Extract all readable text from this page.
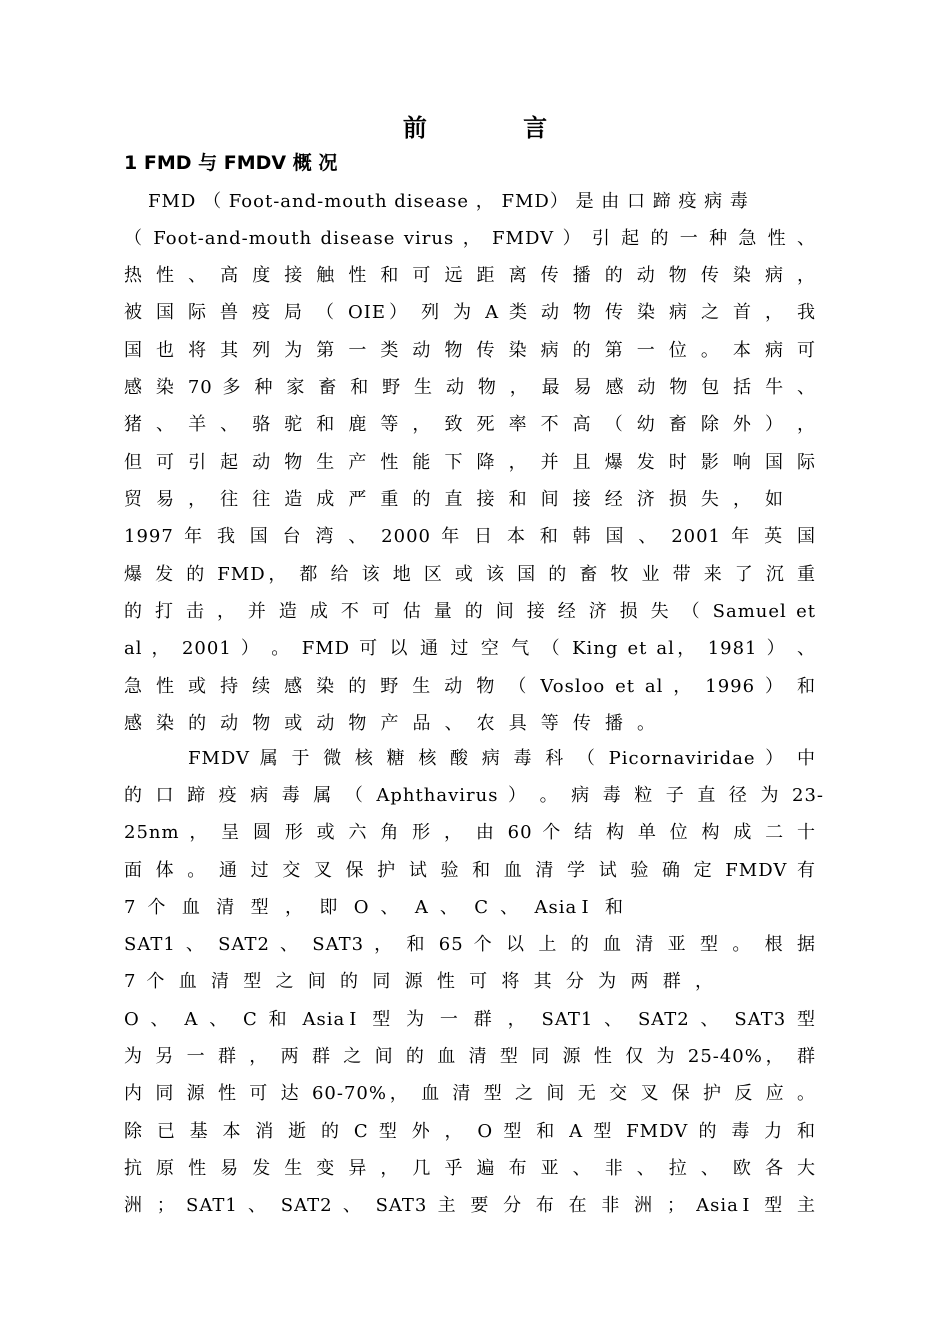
前 言
1 FMD 与 FMDV 概 况
FMD （ Foot-and-mouth disease ， FMD） 是 由 口 蹄 疫 病 毒
（ Foot-and-mouth disease virus ， FMDV ） 引 起 的 一 种 急 性 、
热 性 、 高 度 接 触 性 和 可 远 距 离 传 播 的 动 物 传 染 病 ，
被 国 际 兽 疫 局 （ OIE） 列 为 A 类 动 物 传 染 病 之 首 ， 我
国 也 将 其 列 为 第 一 类 动 物 传 染 病 的 第 一 位 。 本 病 可
感 染 70 多 种 家 畜 和 野 生 动 物 ， 最 易 感 动 物 包 括 牛 、
猪 、 羊 、 骆 驼 和 鹿 等 ， 致 死 率 不 高 （ 幼 畜 除 外 ） ，
但 可 引 起 动 物 生 产 性 能 下 降 ， 并 且 爆 发 时 影 响 国 际
贸 易 ， 往 往 造 成 严 重 的 直 接 和 间 接 经 济 损 失 ， 如
1997 年 我 国 台 湾 、 2000 年 日 本 和 韩 国 、 2001 年 英 国
爆 发 的 FMD， 都 给 该 地 区 或 该 国 的 畜 牧 业 带 来 了 沉 重
的 打 击 ， 并 造 成 不 可 估 量 的 间 接 经 济 损 失 （ Samuel et
al ， 2001 ） 。 FMD 可 以 通 过 空 气 （ King et al， 1981 ） 、
急 性 或 持 续 感 染 的 野 生 动 物 （ Vosloo et al ， 1996 ） 和
感 染 的 动 物 或 动 物 产 品 、 农 具 等 传 播 。
FMDV 属 于 微 核 糖 核 酸 病 毒 科 （ Picornaviridae ） 中
的 口 蹄 疫 病 毒 属 （ Aphthavirus ） 。 病 毒 粒 子 直 径 为 23-
25nm ， 呈 圆 形 或 六 角 形 ， 由 60 个 结 构 单 位 构 成 二 十
面 体 。 通 过 交 叉 保 护 试 验 和 血 清 学 试 验 确 定 FMDV 有
7 个 血 清 型 ， 即 O 、 A 、 C 、 AsiaⅠ 和
SAT1 、 SAT2 、 SAT3 ， 和 65 个 以 上 的 血 清 亚 型 。 根 据
7 个 血 清 型 之 间 的 同 源 性 可 将 其 分 为 两 群 ，
O 、 A 、 C 和 AsiaⅠ 型 为 一 群 ， SAT1 、 SAT2 、 SAT3 型
为 另 一 群 ， 两 群 之 间 的 血 清 型 同 源 性 仅 为 25-40%， 群
内 同 源 性 可 达 60-70%， 血 清 型 之 间 无 交 叉 保 护 反 应 。
除 已 基 本 消 逝 的 C 型 外 ， O 型 和 A 型 FMDV 的 毒 力 和
抗 原 性 易 发 生 变 异 ， 几 乎 遍 布 亚 、 非 、 拉 、 欧 各 大
洲 ； SAT1 、 SAT2 、 SAT3 主 要 分 布 在 非 洲 ； AsiaⅠ 型 主
